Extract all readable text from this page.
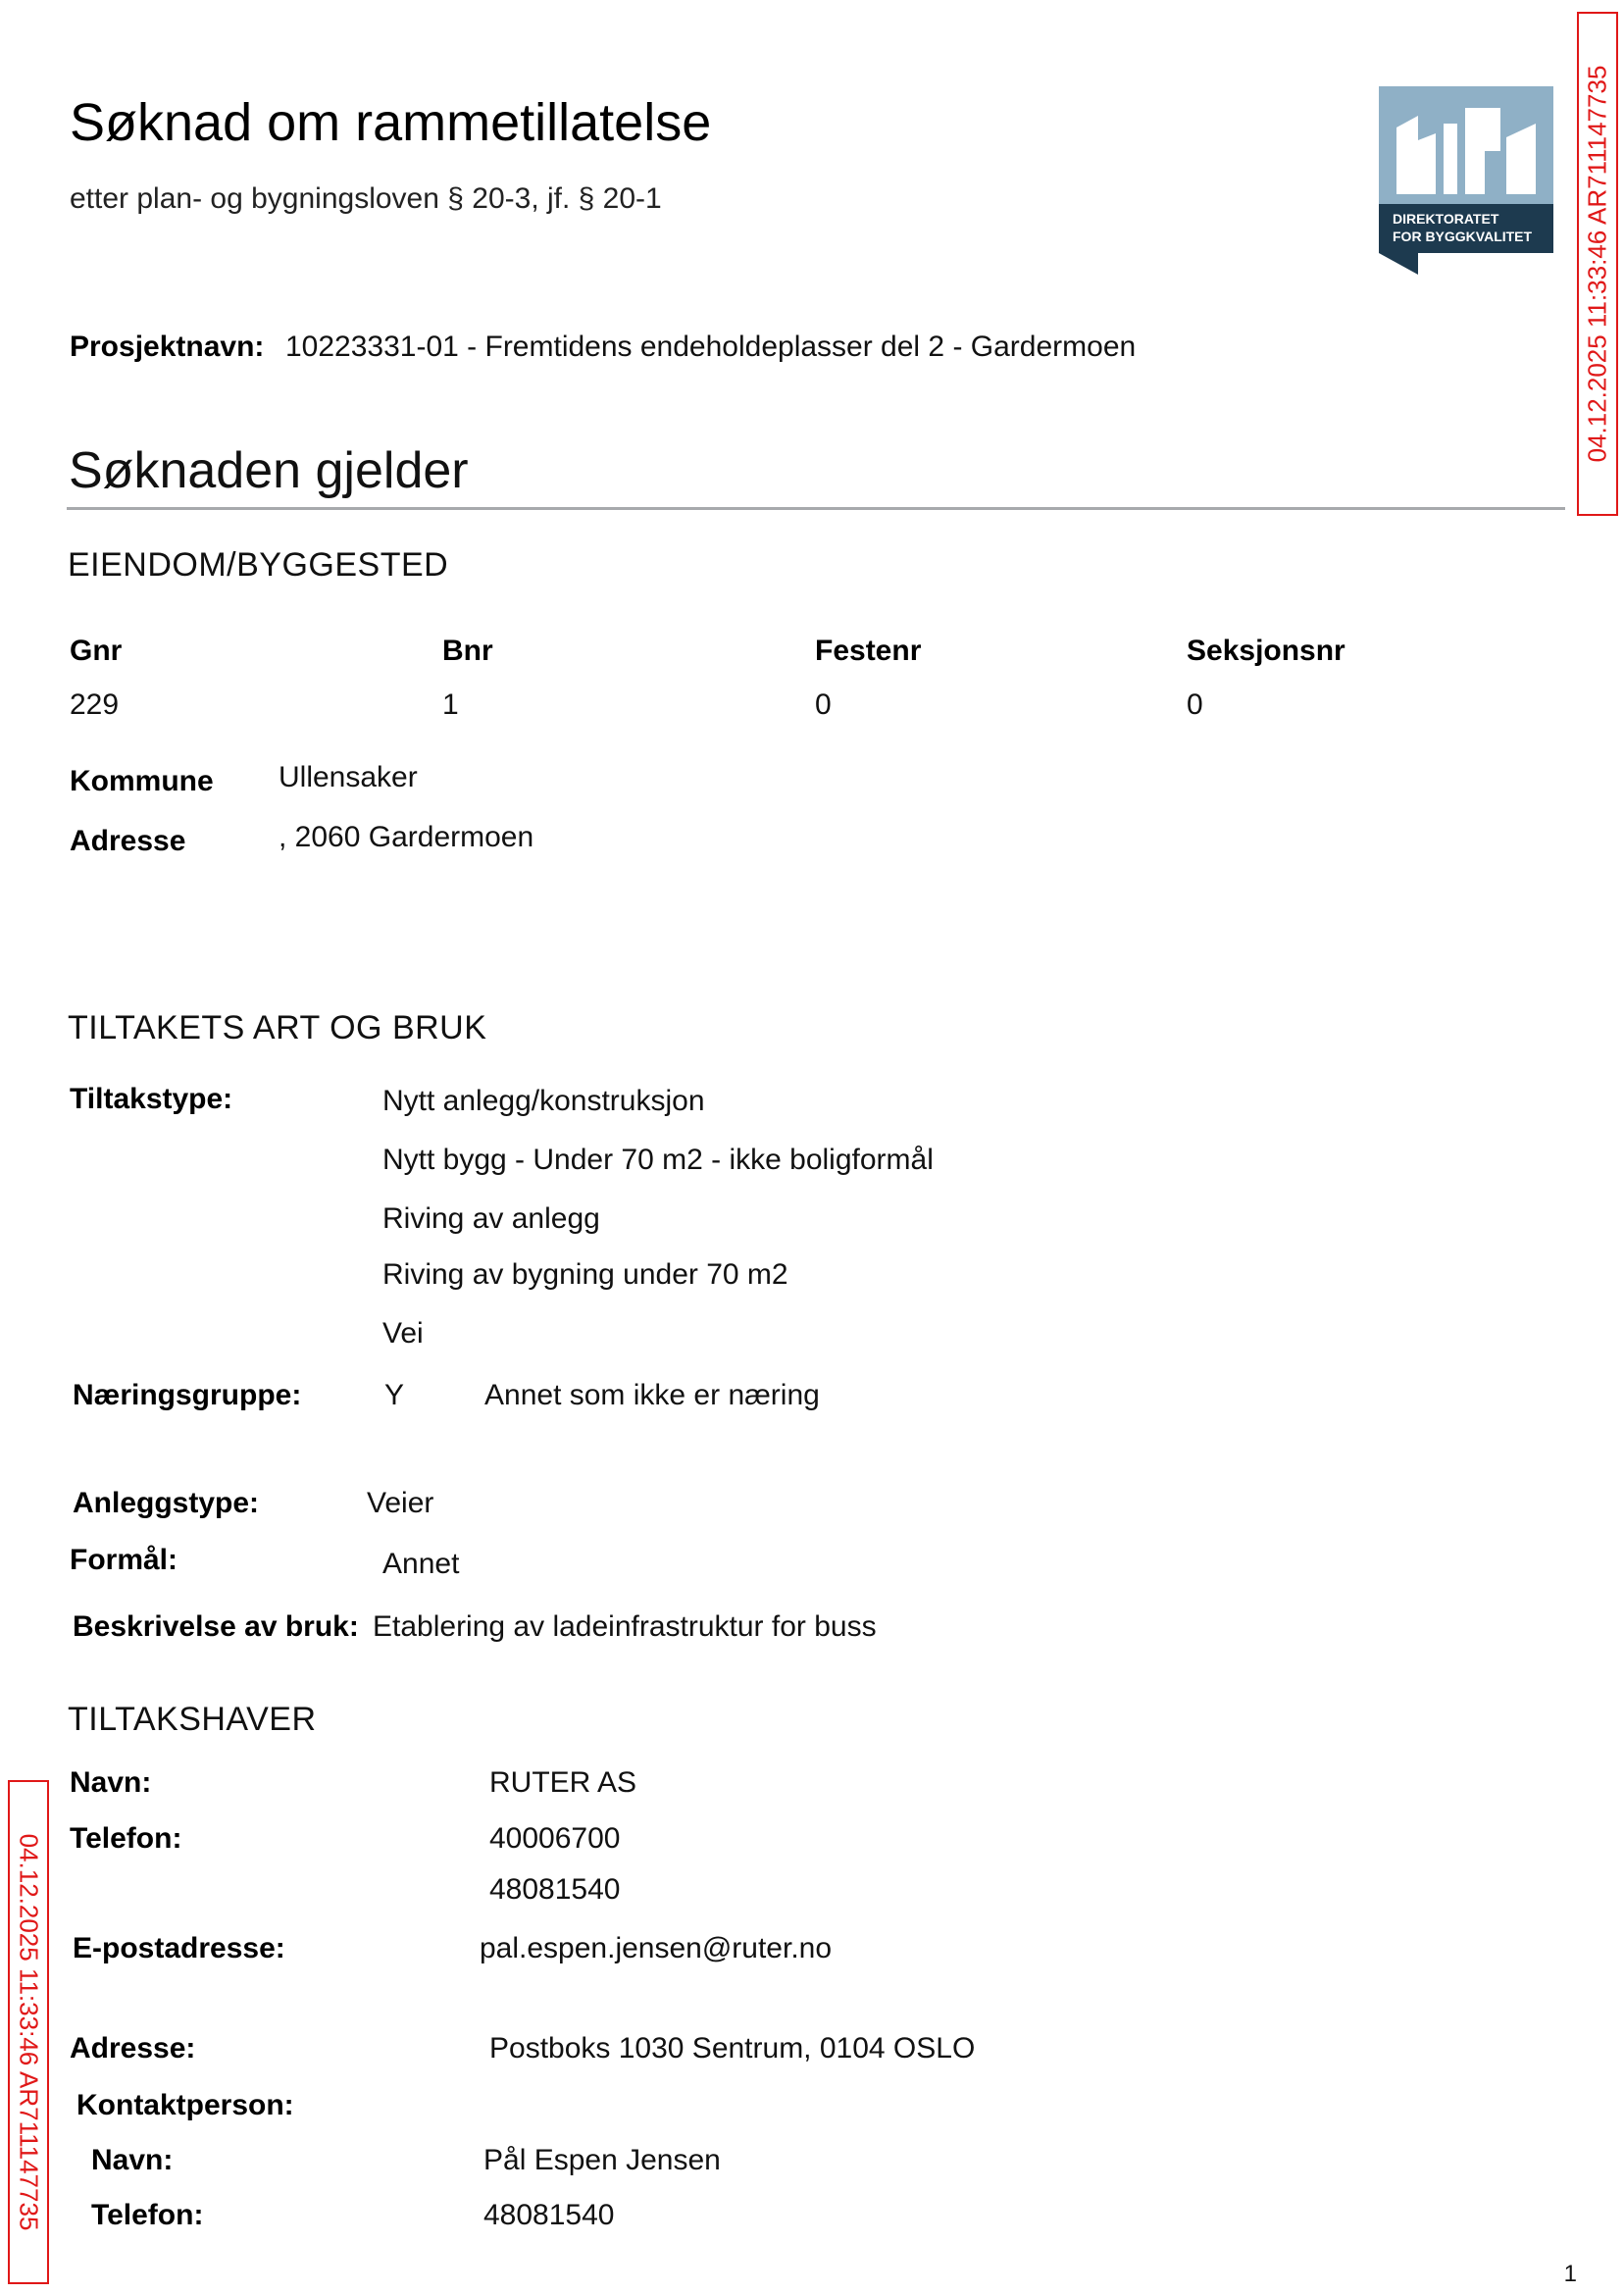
Søknad om rammetillatelse
etter plan- og bygningsloven § 20-3, jf. § 20-1
DIREKTORATET
FOR BYGGKVALITET
Prosjektnavn: 10223331-01 - Fremtidens endeholdeplasser del 2 - Gardermoen
Søknaden gjelder
EIENDOM/BYGGESTED
Gnr	Bnr	Festenr	Seksjonsnr
229	1	0	0
Kommune Ullensaker
Adresse	, 2060 Gardermoen
TILTAKETS ART OG BRUK
Tiltakstype:	Nytt anlegg/konstruksjon
Nytt bygg - Under 70 m2 - ikke boligformål
Riving av anlegg
Riving av bygning under 70 m2
Vei
Næringsgruppe:	Y	Annet som ikke er næring
Anleggstype:	Veier
Formål:	Annet
Beskrivelse av bruk: Etablering av ladeinfrastruktur for buss
TILTAKSHAVER
Navn:	RUTER AS
Telefon:	40006700
48081540
E-postadresse:	pal.espen.jensen@ruter.no
Adresse:	Postboks 1030 Sentrum, 0104 OSLO
Kontaktperson:
Navn:	Pål Espen Jensen
Telefon:	48081540
04.12.2025 11:33:46 AR711147735
04.12.2025 11:33:46 AR711147735
1
